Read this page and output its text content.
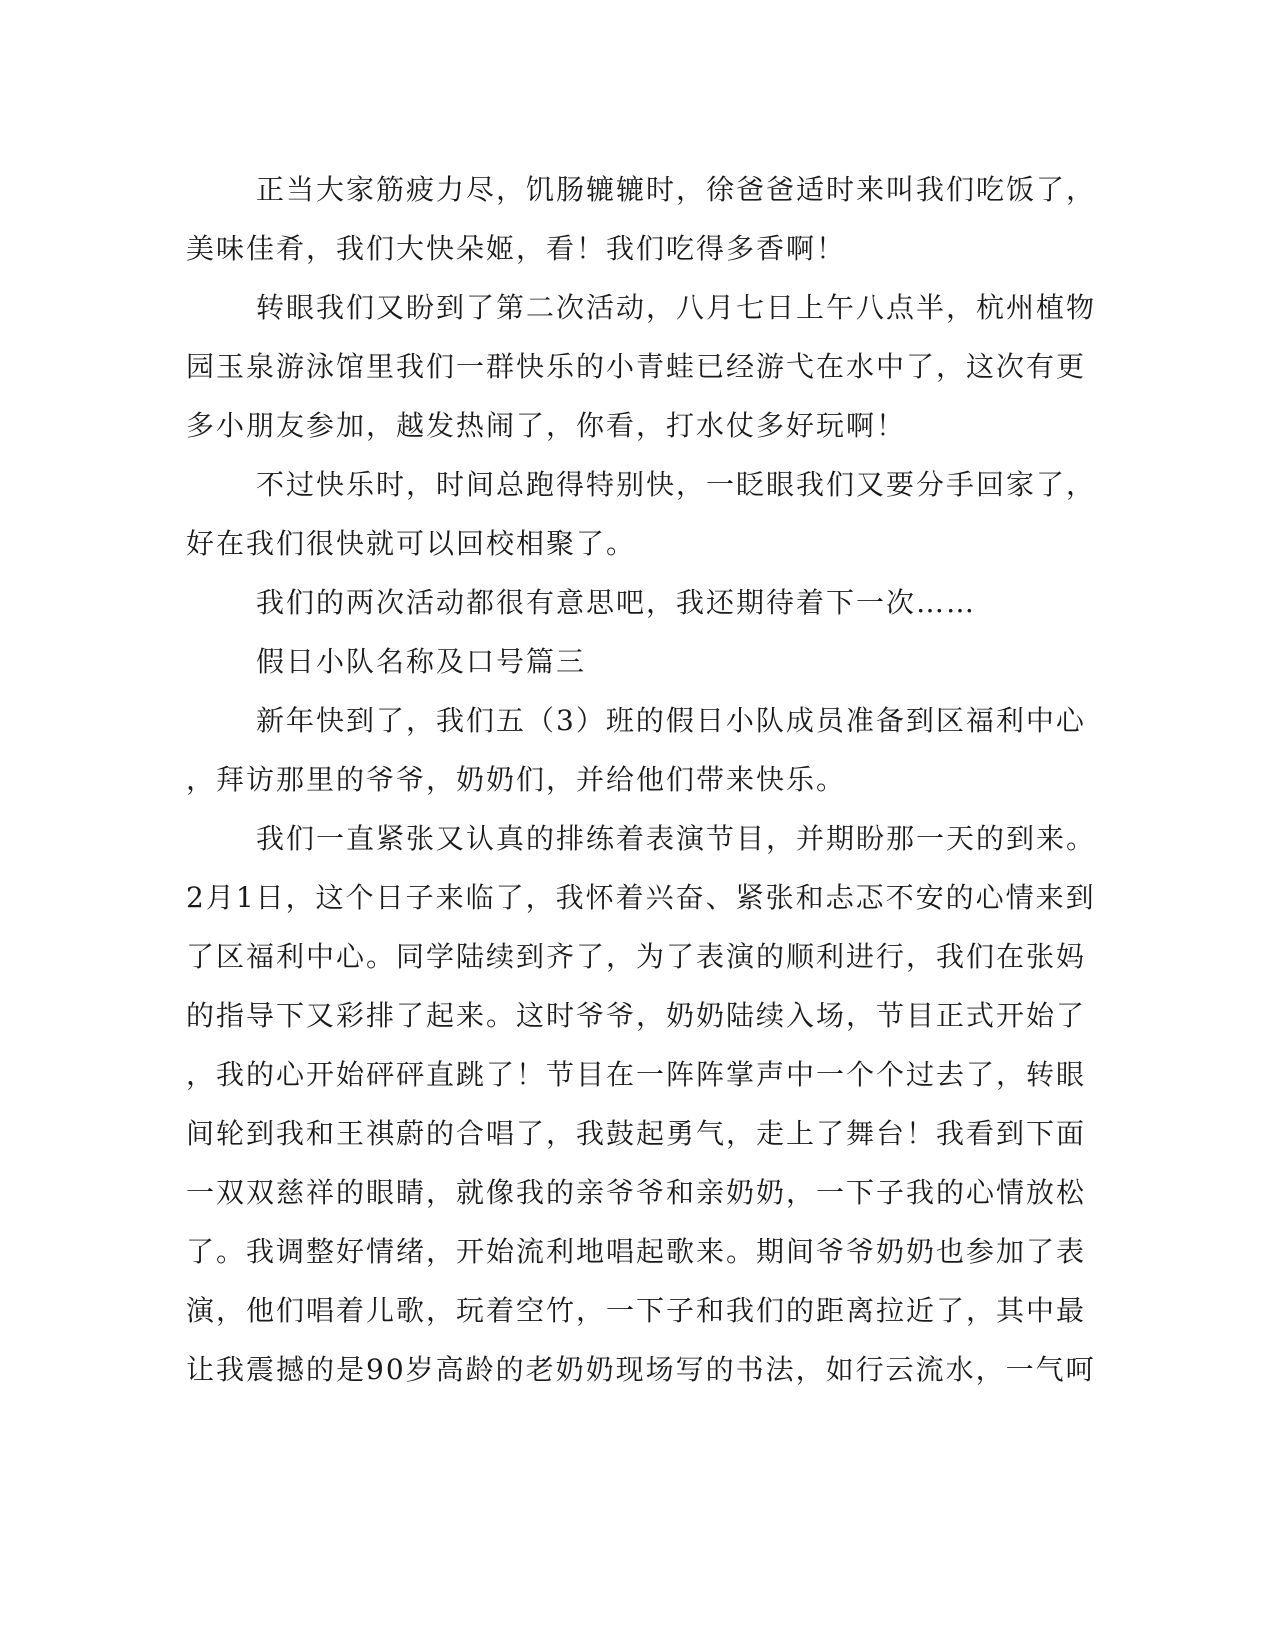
正当大家筋疲力尽，饥肠辘辘时，徐爸爸适时来叫我们吃饭了，
美味佳肴，我们大快朵姬，看！我们吃得多香啊！
转眼我们又盼到了第二次活动，八月七日上午八点半，杭州植物
园玉泉游泳馆里我们一群快乐的小青蛙已经游弋在水中了，这次有更
多小朋友参加，越发热闹了，你看，打水仗多好玩啊！
不过快乐时，时间总跑得特别快，一眨眼我们又要分手回家了，
好在我们很快就可以回校相聚了。
我们的两次活动都很有意思吧，我还期待着下一次……
假日小队名称及口号篇三
新年快到了，我们五（3）班的假日小队成员准备到区福利中心
，拜访那里的爷爷，奶奶们，并给他们带来快乐。
我们一直紧张又认真的排练着表演节目，并期盼那一天的到来。
2月1日，这个日子来临了，我怀着兴奋、紧张和忐忑不安的心情来到
了区福利中心。同学陆续到齐了，为了表演的顺利进行，我们在张妈
的指导下又彩排了起来。这时爷爷，奶奶陆续入场，节目正式开始了
，我的心开始砰砰直跳了！节目在一阵阵掌声中一个个过去了，转眼
间轮到我和王祺蔚的合唱了，我鼓起勇气，走上了舞台！我看到下面
一双双慈祥的眼睛，就像我的亲爷爷和亲奶奶，一下子我的心情放松
了。我调整好情绪，开始流利地唱起歌来。期间爷爷奶奶也参加了表
演，他们唱着儿歌，玩着空竹，一下子和我们的距离拉近了，其中最
让我震撼的是90岁高龄的老奶奶现场写的书法，如行云流水，一气呵
